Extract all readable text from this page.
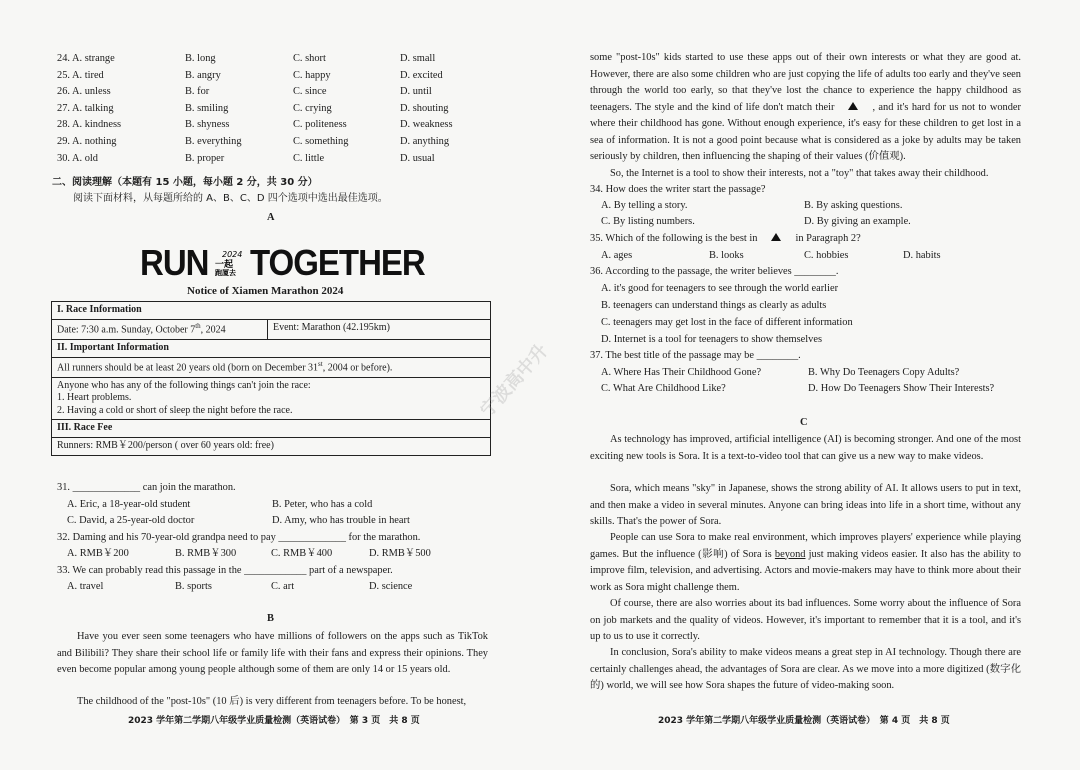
24. A. strange	B. long	C. short	D. small
25. A. tired	B. angry	C. happy	D. excited
26. A. unless	B. for	C. since	D. until
27. A. talking	B. smiling	C. crying	D. shouting
28. A. kindness	B. shyness	C. politeness	D. weakness
29. A. nothing	B. everything	C. something	D. anything
30. A. old	B. proper	C. little	D. usual
二、阅读理解（本题有 15 小题，每小题 2 分，共 30 分）
阅读下面材料，从每题所给的 A、B、C、D 四个选项中选出最佳选项。
A
RUN 2024
一起
跑厦去 TOGETHER
Notice of Xiamen Marathon 2024
I. Race Information
Date: 7:30 a.m. Sunday, October 7th, 2024	Event: Marathon (42.195km)
II. Important Information
All runners should be at least 20 years old (born on December 31st, 2004 or before).

Anyone who has any of the following things can't join the race:
1. Heart problems.
2. Having a cold or short of sleep the night before the race.

III. Race Fee
Runners: RMB￥200/person ( over 60 years old: free)
31. _____________ can join the marathon.
A. Eric, a 18-year-old student	B. Peter, who has a cold
C. David, a 25-year-old doctor	D. Amy, who has trouble in heart
32. Daming and his 70-year-old grandpa need to pay _____________ for the marathon.
A. RMB￥200	B. RMB￥300	C. RMB￥400	D. RMB￥500
33. We can probably read this passage in the ____________ part of a newspaper.
A. travel	B. sports	C. art	D. science
B
Have you ever seen some teenagers who have millions of followers on the apps such as TikTok and Bilibili? They share their school life or family life with their fans and express their opinions. They even become popular among young people although some of them are only 14 or 15 years old.
The childhood of the "post-10s" (10 后) is very different from teenagers before. To be honest,
2023 学年第二学期八年级学业质量检测（英语试卷）　第 3 页　共 8 页
宁波高中升
some "post-10s" kids started to use these apps out of their own interests or what they are good at. However, there are also some children who are just copying the life of adults too early and they've seen through the world too early, so that they've lost the chance to experience the happy childhood as teenagers. The style and the kind of life don't match their	, and it's hard for us not to wonder where their childhood has gone. Without enough experience, it's easy for these children to get lost in a sea of information. It is not a good point because what is considered as a joke by adults may be taken seriously by children, then influencing the shaping of their values (价值观).
So, the Internet is a tool to show their interests, not a "toy" that takes away their childhood.
34. How does the writer start the passage?
A. By telling a story.	B. By asking questions.
C. By listing numbers.	D. By giving an example.
35. Which of the following is the best in	in Paragraph 2?
A. ages	B. looks	C. hobbies	D. habits
36. According to the passage, the writer believes ________.
A. it's good for teenagers to see through the world earlier
B. teenagers can understand things as clearly as adults
C. teenagers may get lost in the face of different information
D. Internet is a tool for teenagers to show themselves
37. The best title of the passage may be ________.
A. Where Has Their Childhood Gone?	B. Why Do Teenagers Copy Adults?
C. What Are Childhood Like?	D. How Do Teenagers Show Their Interests?
C
As technology has improved, artificial intelligence (AI) is becoming stronger. And one of the most exciting new tools is Sora. It is a text-to-video tool that can give us a new way to make videos.
Sora, which means "sky" in Japanese, shows the strong ability of AI. It allows users to put in text, and then make a video in several minutes. Anyone can bring ideas into life in a short time, without any skills. That's the power of Sora.
People can use Sora to make real environment, which improves players' experience while playing games. But the influence (影响) of Sora is beyond just making videos easier. It also has the ability to improve film, television, and advertising. Actors and movie-makers may have to think more about their work as Sora might challenge them.
Of course, there are also worries about its bad influences. Some worry about the influence of Sora on job markets and the quality of videos. However, it's important to remember that it is a tool, and it's up to us to use it correctly.
In conclusion, Sora's ability to make videos means a great step in AI technology. Though there are certainly challenges ahead, the advantages of Sora are clear. As we move into a more digitized (数字化的) world, we will see how Sora shapes the future of video-making soon.
2023 学年第二学期八年级学业质量检测（英语试卷）　第 4 页　共 8 页
